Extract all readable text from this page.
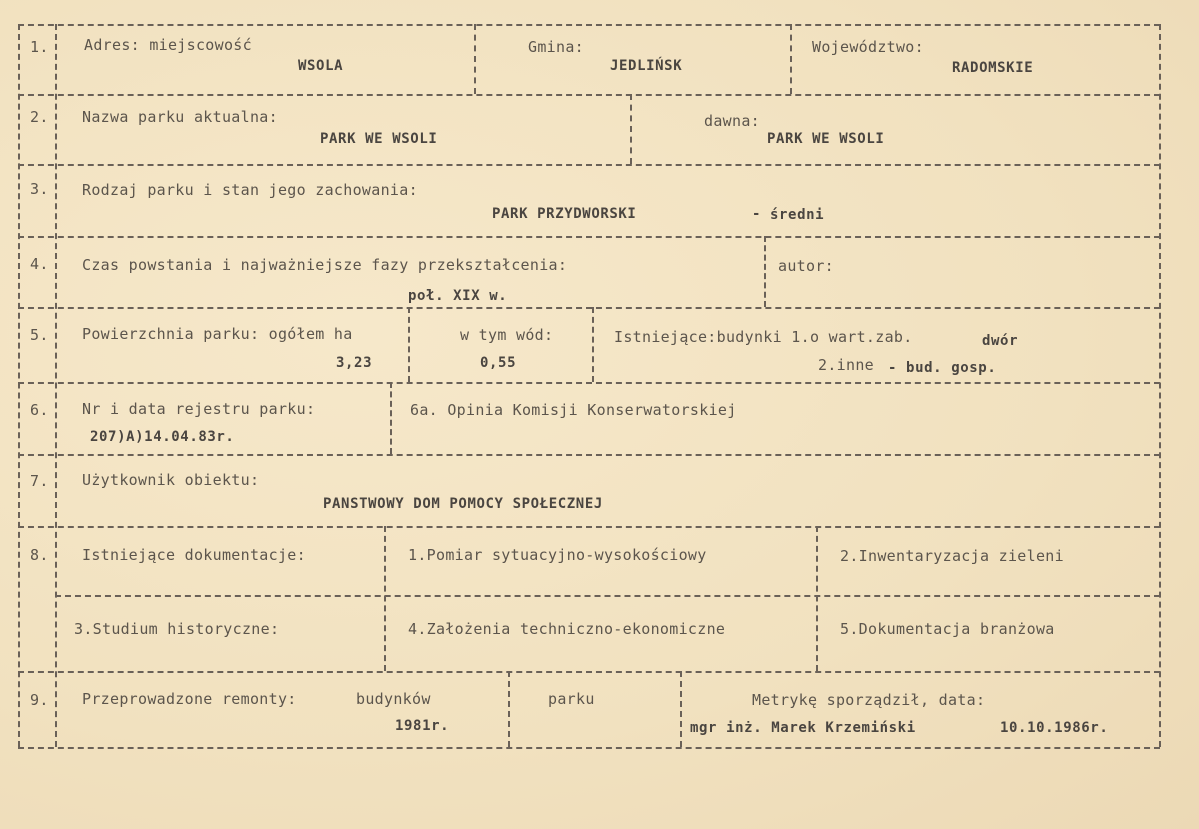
1. Adres: miejscowość
WSOLA
Gmina:
JEDLIŃSK
Województwo:
RADOMSKIE
2. Nazwa parku aktualna:
PARK WE WSOLI
dawna:
PARK WE WSOLI
3. Rodzaj parku i stan jego zachowania:
PARK PRZYDWORSKI	- średni
4. Czas powstania i najważniejsze fazy przekształcenia:
poł. XIX w.
autor:
5. Powierzchnia parku: ogółem ha
3,23
w tym wód:
0,55
Istniejące:budynki 1.o wart.zab.	dwór
2.inne - bud. gosp.
6. Nr i data rejestru parku:
207)A)14.04.83r.
6a. Opinia Komisji Konserwatorskiej
7. Użytkownik obiektu:
PANSTWOWY DOM POMOCY SPOŁECZNEJ
8. Istniejące dokumentacje:	1.Pomiar sytuacyjno-wysokościowy	2.Inwentaryzacja zieleni
3.Studium historyczne:	4.Założenia techniczno-ekonomiczne	5.Dokumentacja branżowa
9. Przeprowadzone remonty:	budynków
1981r.
parku	Metrykę sporządził, data:
mgr inż. Marek Krzemiński	10.10.1986r.
